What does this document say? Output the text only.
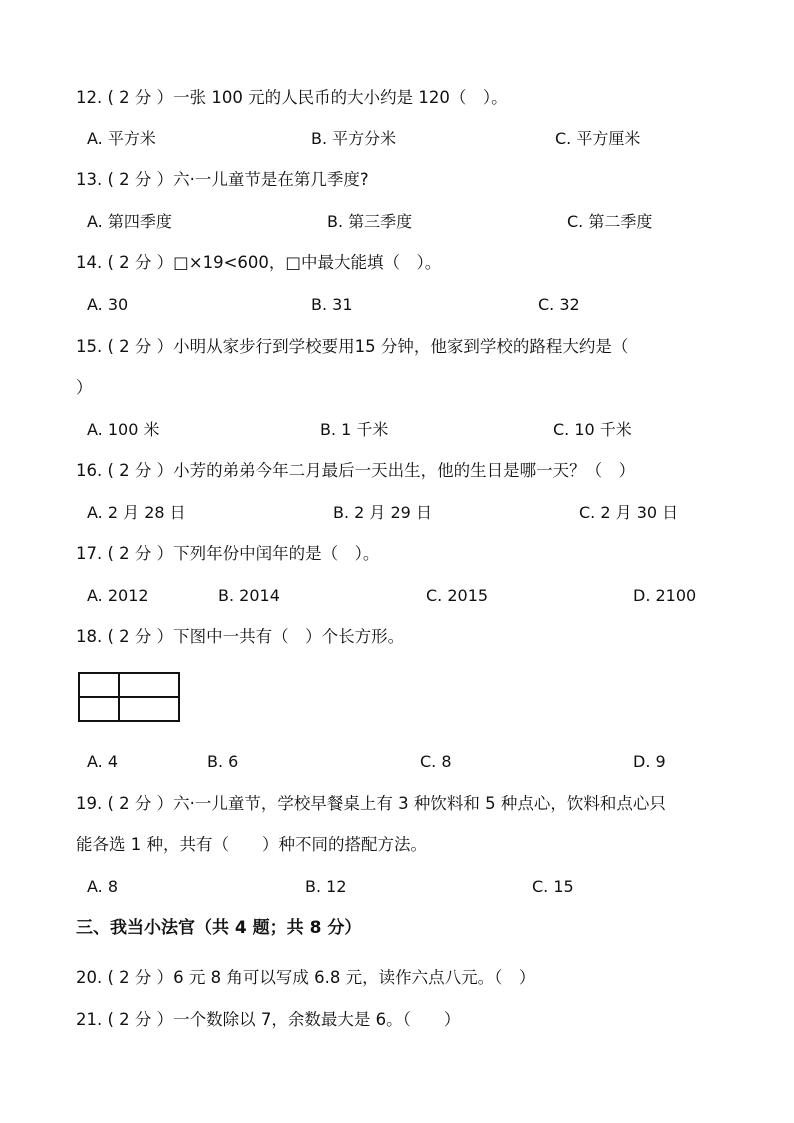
12. ( 2 分 ）一张 100 元的人民币的大小约是 120（　）。
A. 平方米	B. 平方分米	C. 平方厘米
13. ( 2 分 ）六·一儿童节是在第几季度?
A. 第四季度	B. 第三季度	C. 第二季度
14. ( 2 分 ）□×19<600，□中最大能填（　）。
A. 30	B. 31	C. 32
15. ( 2 分 ）小明从家步行到学校要用15 分钟，他家到学校的路程大约是（
）
A. 100 米	B. 1 千米	C. 10 千米
16. ( 2 分 ）小芳的弟弟今年二月最后一天出生，他的生日是哪一天？（　）
A. 2 月 28 日	B. 2 月 29 日	C. 2 月 30 日
17. ( 2 分 ）下列年份中闰年的是（　）。
A. 2012	B. 2014	C. 2015	D. 2100
18. ( 2 分 ）下图中一共有（　）个长方形。
A. 4	B. 6	C. 8	D. 9
19. ( 2 分 ）六·一儿童节，学校早餐桌上有 3 种饮料和 5 种点心，饮料和点心只
能各选 1 种，共有（　　）种不同的搭配方法。
A. 8	B. 12	C. 15
三、我当小法官（共 4 题；共 8 分）
20. ( 2 分 ）6 元 8 角可以写成 6.8 元，读作六点八元。（　）
21. ( 2 分 ）一个数除以 7，余数最大是 6。（　　）
